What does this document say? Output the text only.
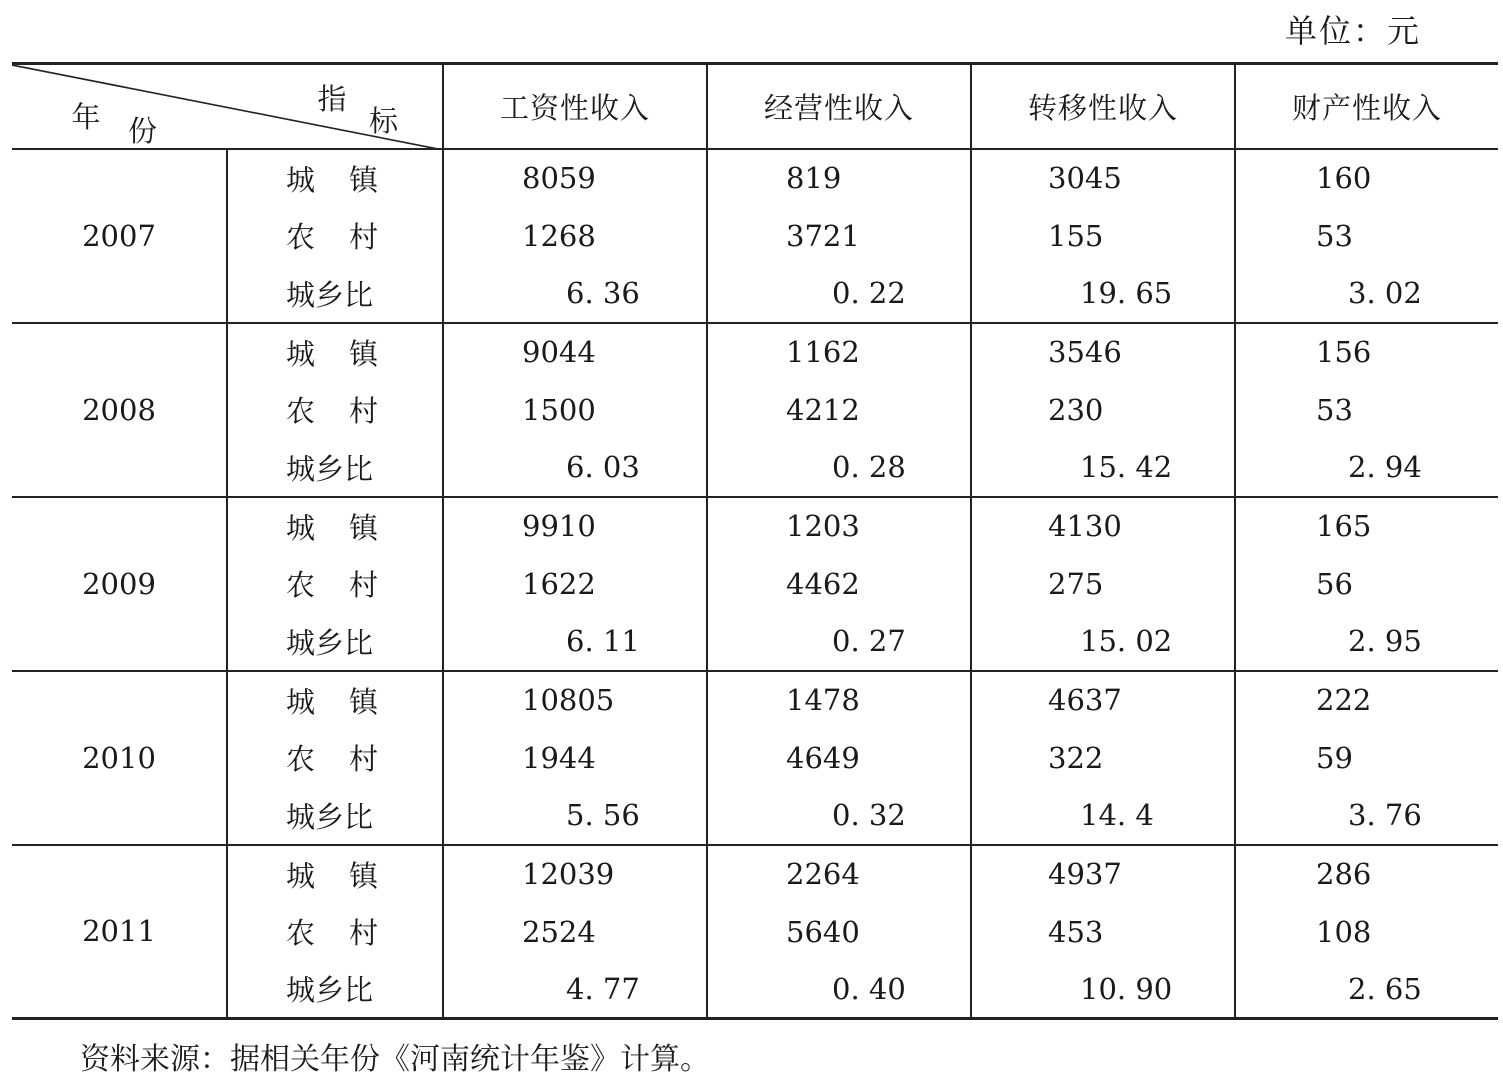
单位：元
指标
年 份		工资性收入	经营性收入	转移性收入	财产性收入
2007	城镇	8059	819	3045	160
	农村	1268	3721	155	53
	城乡比	6. 36	0. 22	19. 65	3. 02
2008	城镇	9044	1162	3546	156
	农村	1500	4212	230	53
	城乡比	6. 03	0. 28	15. 42	2. 94
2009	城镇	9910	1203	4130	165
	农村	1622	4462	275	56
	城乡比	6. 11	0. 27	15. 02	2. 95
2010	城镇	10805	1478	4637	222
	农村	1944	4649	322	59
	城乡比	5. 56	0. 32	14. 4	3. 76
2011	城镇	12039	2264	4937	286
	农村	2524	5640	453	108
	城乡比	4. 77	0. 40	10. 90	2. 65
资料来源：据相关年份《河南统计年鉴》计算。
